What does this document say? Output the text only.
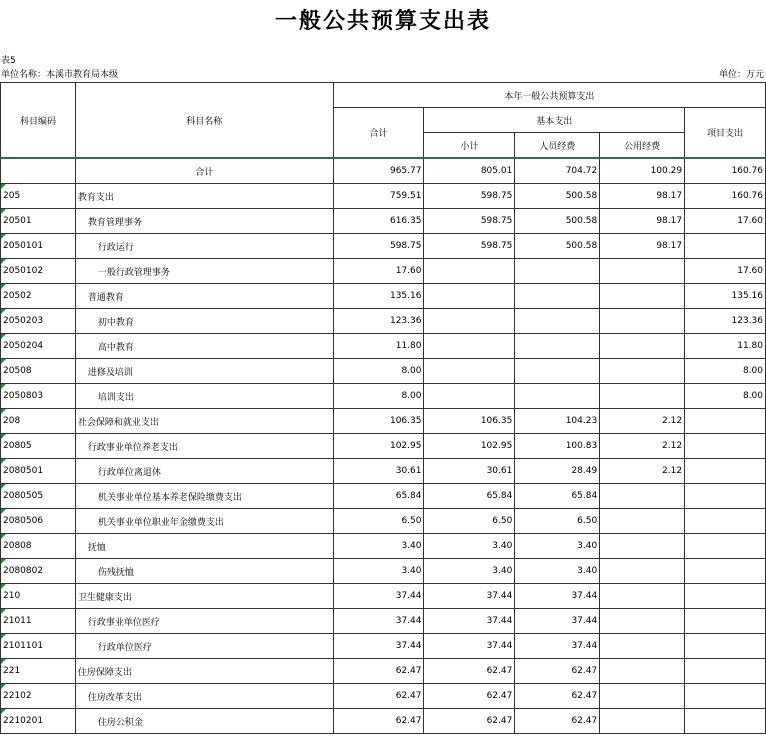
一般公共预算支出表
表5
单位名称：本溪市教育局本级	单位：万元
科目编码	科目名称	本年一般公共预算支出				
		合计	基本支出			项目支出
			小计	人员经费	公用经费	
	合计	965.77	805.01	704.72	100.29	160.76
205	教育支出	759.51	598.75	500.58	98.17	160.76
20501	教育管理事务	616.35	598.75	500.58	98.17	17.60
2050101	行政运行	598.75	598.75	500.58	98.17	
2050102	一般行政管理事务	17.60				17.60
20502	普通教育	135.16				135.16
2050203	初中教育	123.36				123.36
2050204	高中教育	11.80				11.80
20508	进修及培训	8.00				8.00
2050803	培训支出	8.00				8.00
208	社会保障和就业支出	106.35	106.35	104.23	2.12	
20805	行政事业单位养老支出	102.95	102.95	100.83	2.12	
2080501	行政单位离退休	30.61	30.61	28.49	2.12	
2080505	机关事业单位基本养老保险缴费支出	65.84	65.84	65.84		
2080506	机关事业单位职业年金缴费支出	6.50	6.50	6.50		
20808	抚恤	3.40	3.40	3.40		
2080802	伤残抚恤	3.40	3.40	3.40		
210	卫生健康支出	37.44	37.44	37.44		
21011	行政事业单位医疗	37.44	37.44	37.44		
2101101	行政单位医疗	37.44	37.44	37.44		
221	住房保障支出	62.47	62.47	62.47		
22102	住房改革支出	62.47	62.47	62.47		
2210201	住房公积金	62.47	62.47	62.47		
